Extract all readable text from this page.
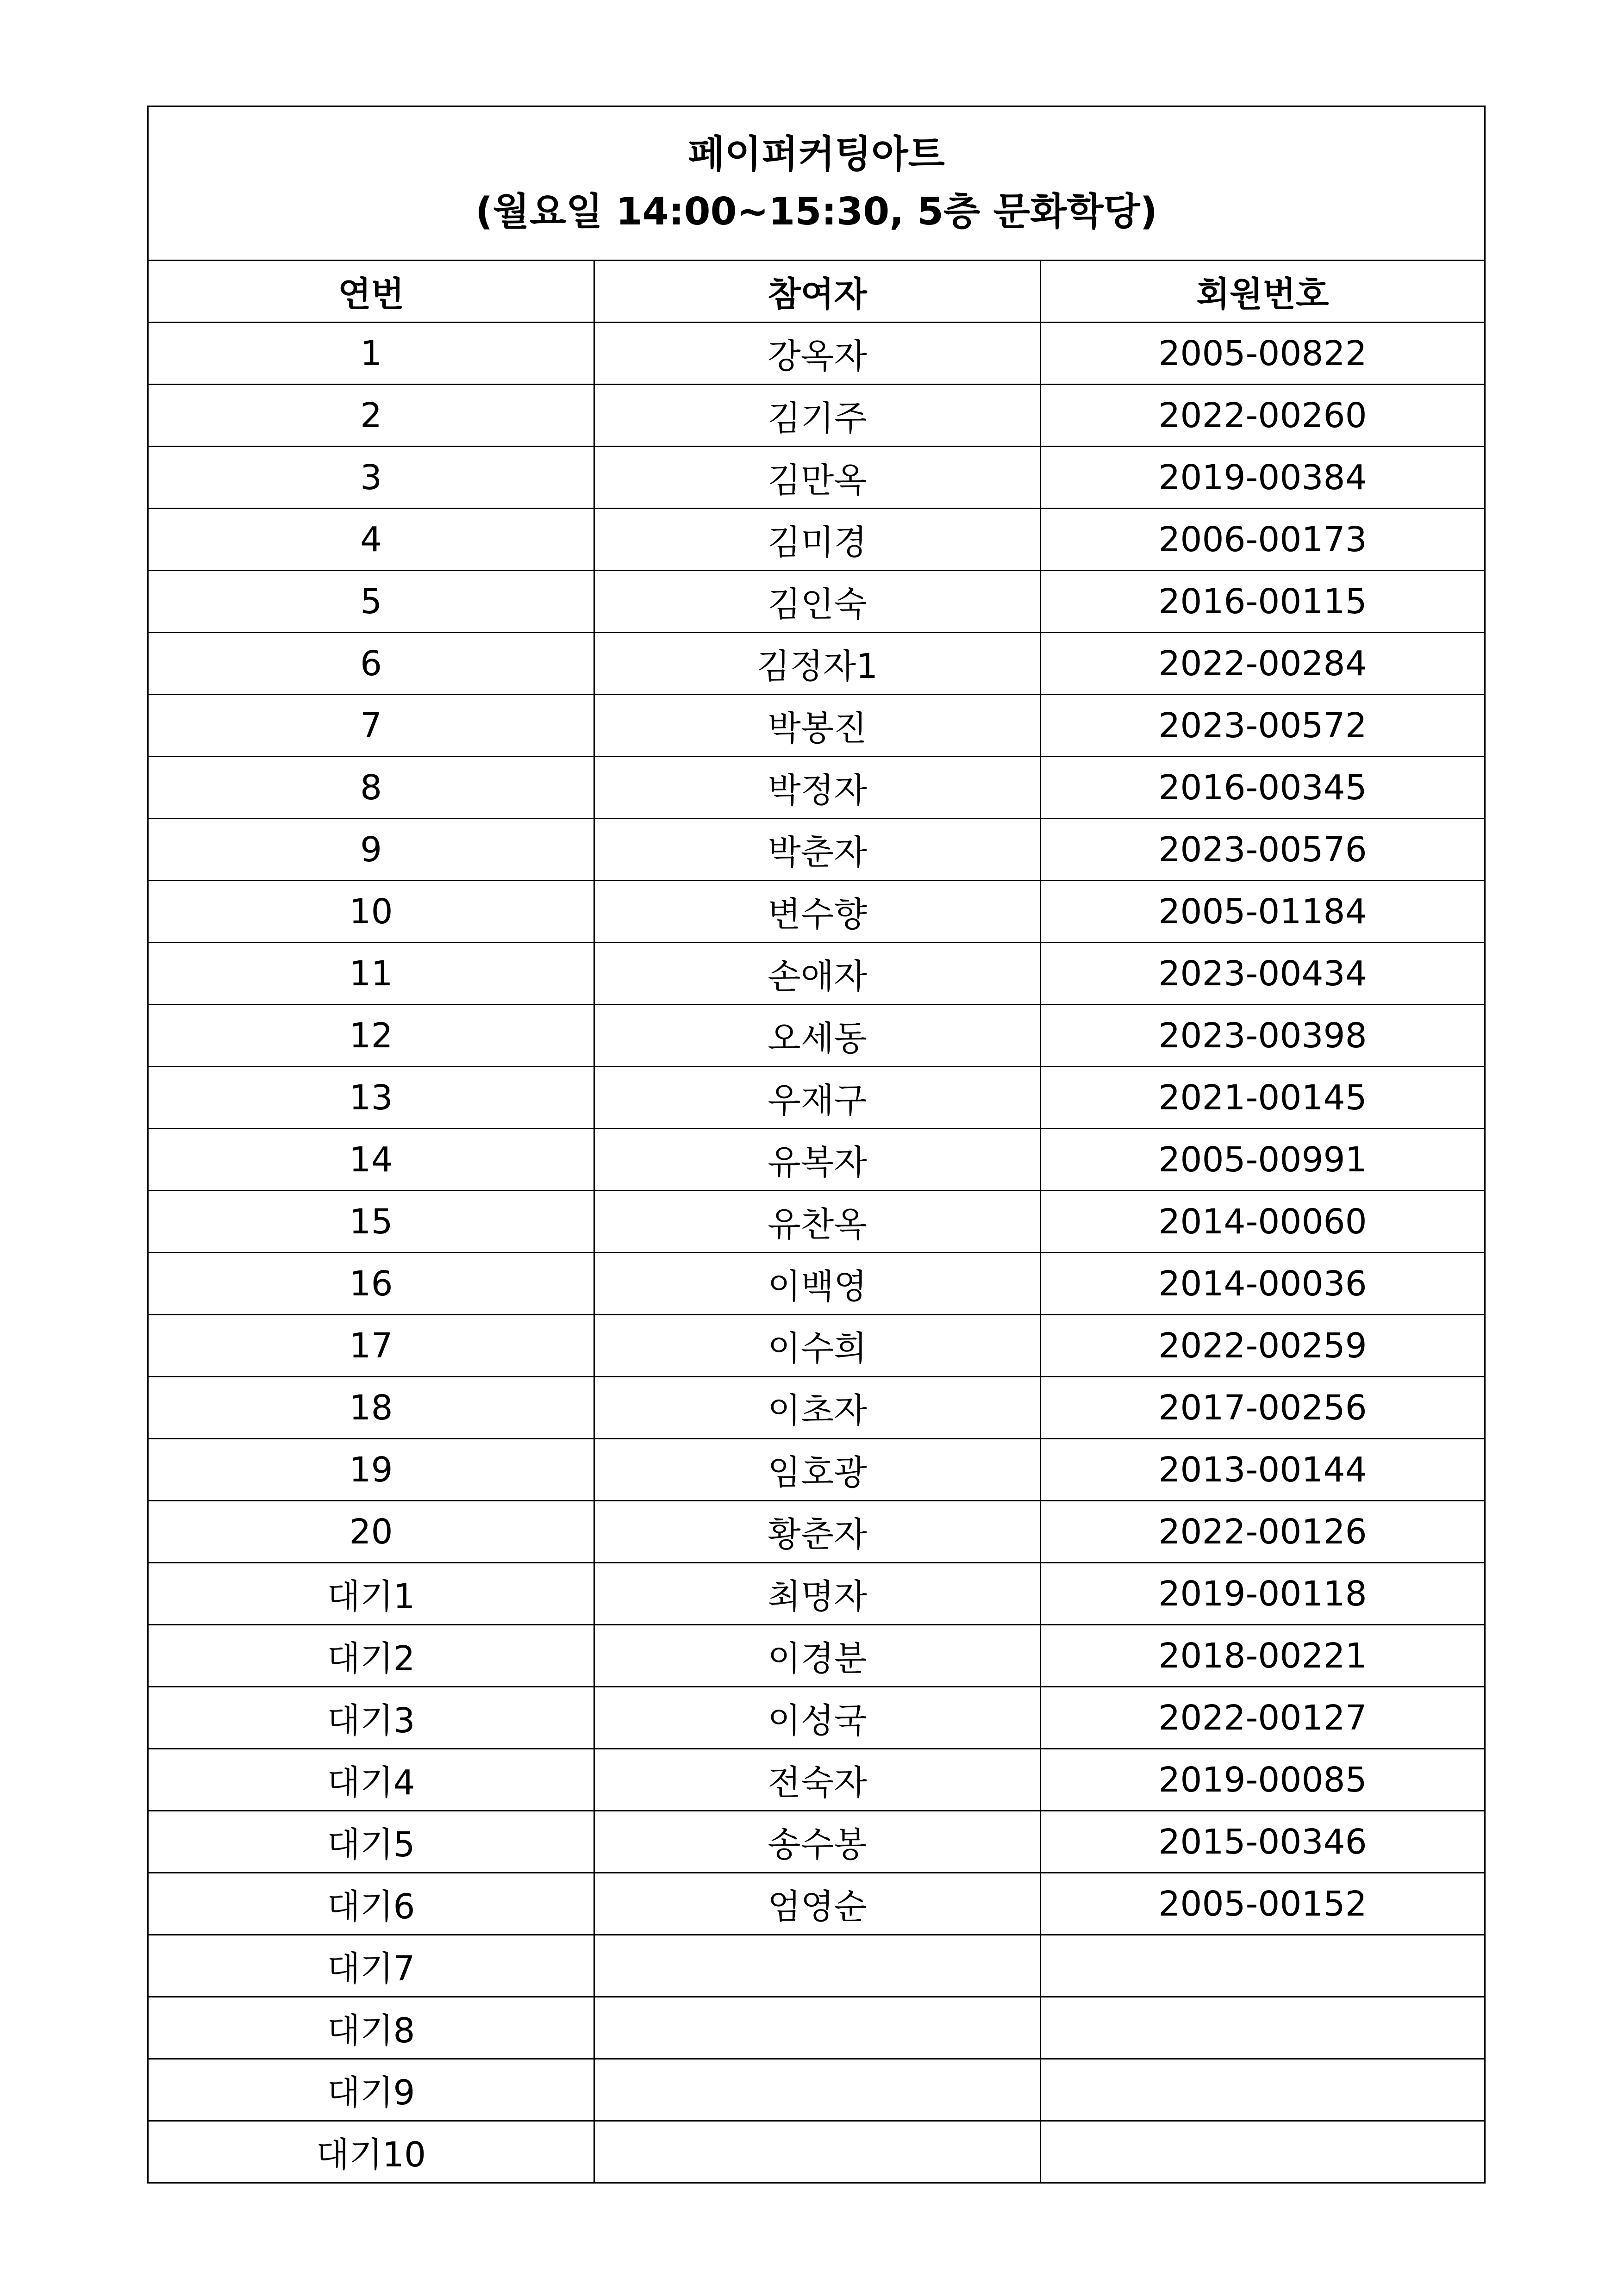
페이퍼커팅아트
(월요일 14:00~15:30, 5층 문화학당)		

연번	참여자	회원번호
1	강옥자	2005-00822
2	김기주	2022-00260
3	김만옥	2019-00384
4	김미경	2006-00173
5	김인숙	2016-00115
6	김정자1	2022-00284
7	박봉진	2023-00572
8	박정자	2016-00345
9	박춘자	2023-00576
10	변수향	2005-01184
11	손애자	2023-00434
12	오세동	2023-00398
13	우재구	2021-00145
14	유복자	2005-00991
15	유찬옥	2014-00060
16	이백영	2014-00036
17	이수희	2022-00259
18	이초자	2017-00256
19	임호광	2013-00144
20	황춘자	2022-00126
대기1	최명자	2019-00118
대기2	이경분	2018-00221
대기3	이성국	2022-00127
대기4	전숙자	2019-00085
대기5	송수봉	2015-00346
대기6	엄영순	2005-00152
대기7		
대기8		
대기9		
대기10		
